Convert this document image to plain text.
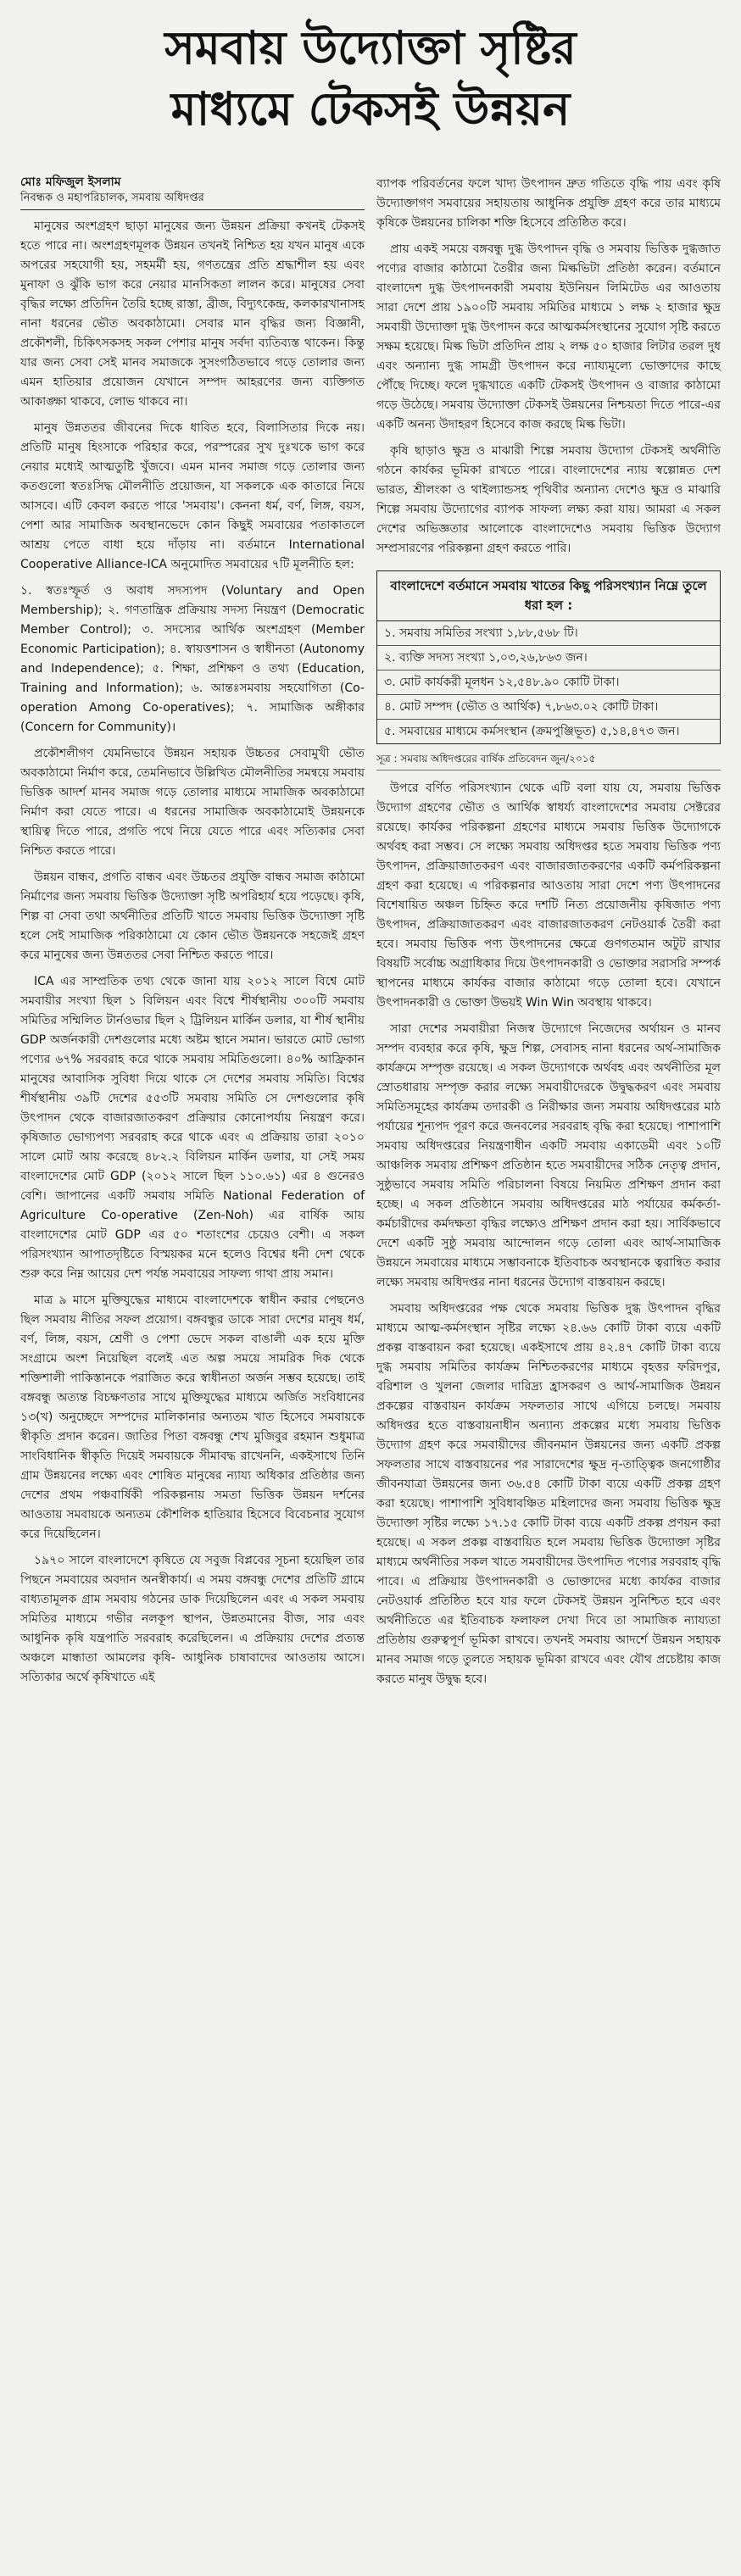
সমবায় উদ্যোক্তা সৃষ্টির
মাধ্যমে টেকসই উন্নয়ন
মোঃ মফিজুল ইসলাম
নিবন্ধক ও মহাপরিচালক, সমবায় অধিদপ্তর

মানুষের অংশগ্রহণ ছাড়া মানুষের জন্য উন্নয়ন প্রক্রিয়া কখনই টেকসই হতে পারে না। অংশগ্রহণমূলক উন্নয়ন তখনই নিশ্চিত হয় যখন মানুষ একে অপরের সহযোগী হয়, সহমর্মী হয়, গণতন্ত্রের প্রতি শ্রদ্ধাশীল হয় এবং মুনাফা ও ঝুঁকি ভাগ করে নেয়ার মানসিকতা লালন করে। মানুষের সেবা বৃদ্ধির লক্ষ্যে প্রতিদিন তৈরি হচ্ছে রাস্তা, ব্রীজ, বিদ্যুৎকেন্দ্র, কলকারখানাসহ নানা ধরনের ভৌত অবকাঠামো। সেবার মান বৃদ্ধির জন্য বিজ্ঞানী, প্রকৌশলী, চিকিৎসকসহ সকল পেশার মানুষ সর্বদা ব্যতিব্যস্ত থাকেন। কিন্তু যার জন্য সেবা সেই মানব সমাজকে সুসংগঠিতভাবে গড়ে তোলার জন্য এমন হাতিয়ার প্রয়োজন যেখানে সম্পদ আহরণের জন্য ব্যক্তিগত আকাঙ্ক্ষা থাকবে, লোভ থাকবে না।

মানুষ উন্নততর জীবনের দিকে ধাবিত হবে, বিলাসিতার দিকে নয়। প্রতিটি মানুষ হিংসাকে পরিহার করে, পরস্পরের সুখ দুঃখকে ভাগ করে নেয়ার মধ্যেই আত্মতুষ্টি খুঁজবে। এমন মানব সমাজ গড়ে তোলার জন্য কতগুলো স্বতঃসিদ্ধ মৌলনীতি প্রয়োজন, যা সকলকে এক কাতারে নিয়ে আসবে। এটি কেবল করতে পারে 'সমবায়'। কেননা ধর্ম, বর্ণ, লিঙ্গ, বয়স, পেশা আর সামাজিক অবস্থানভেদে কোন কিছুই সমবায়ের পতাকাতলে আশ্রয় পেতে বাধা হয়ে দাঁড়ায় না। বর্তমানে International Cooperative Alliance-ICA অনুমোদিত সমবায়ের ৭টি মূলনীতি হল:

১. স্বতঃস্ফূর্ত ও অবাধ সদস্যপদ (Voluntary and Open Membership); ২. গণতান্ত্রিক প্রক্রিয়ায় সদস্য নিয়ন্ত্রণ (Democratic Member Control); ৩. সদস্যের আর্থিক অংশগ্রহণ (Member Economic Participation); ৪. স্বায়ত্তশাসন ও স্বাধীনতা (Autonomy and Independence); ৫. শিক্ষা, প্রশিক্ষণ ও তথ্য (Education, Training and Information); ৬. আন্তঃসমবায় সহযোগিতা (Co-operation Among Co-operatives); ৭. সামাজিক অঙ্গীকার (Concern for Community)।

প্রকৌশলীগণ যেমনিভাবে উন্নয়ন সহায়ক উচ্চতর সেবামুখী ভৌত অবকাঠামো নির্মাণ করে, তেমনিভাবে উল্লিখিত মৌলনীতির সমন্বয়ে সমবায় ভিত্তিক আদর্শ মানব সমাজ গড়ে তোলার মাধ্যমে সামাজিক অবকাঠামো নির্মাণ করা যেতে পারে। এ ধরনের সামাজিক অবকাঠামোই উন্নয়নকে স্থায়িত্ব দিতে পারে, প্রগতি পথে নিয়ে যেতে পারে এবং সত্যিকার সেবা নিশ্চিত করতে পারে।

উন্নয়ন বান্ধব, প্রগতি বান্ধব এবং উচ্চতর প্রযুক্তি বান্ধব সমাজ কাঠামো নির্মাণের জন্য সমবায় ভিত্তিক উদ্যোক্তা সৃষ্টি অপরিহার্য হয়ে পড়েছে। কৃষি, শিল্প বা সেবা তথা অর্থনীতির প্রতিটি খাতে সমবায় ভিত্তিক উদ্যোক্তা সৃষ্টি হলে সেই সামাজিক পরিকাঠামো যে কোন ভৌত উন্নয়নকে সহজেই গ্রহণ করে মানুষের জন্য উন্নততর সেবা নিশ্চিত করতে পারে।

ICA এর সাম্প্রতিক তথ্য থেকে জানা যায় ২০১২ সালে বিশ্বে মোট সমবায়ীর সংখ্যা ছিল ১ বিলিয়ন এবং বিশ্বে শীর্ষস্থানীয় ৩০০টি সমবায় সমিতির সম্মিলিত টার্নওভার ছিল ২ ট্রিলিয়ন মার্কিন ডলার, যা শীর্ষ স্থানীয় GDP অর্জনকারী দেশগুলোর মধ্যে অষ্টম স্থানে সমান। ভারতে মোট ভোগ্য পণ্যের ৬৭% সরবরাহ করে থাকে সমবায় সমিতিগুলো। ৪০% আফ্রিকান মানুষের আবাসিক সুবিধা দিয়ে থাকে সে দেশের সমবায় সমিতি। বিশ্বের শীর্ষস্থানীয় ৩৯টি দেশের ৫৫৩টি সমবায় সমিতি সে দেশগুলোর কৃষি উৎপাদন থেকে বাজারজাতকরণ প্রক্রিয়ার কোনোপর্যায় নিয়ন্ত্রণ করে। কৃষিজাত ভোগ্যপণ্য সরবরাহ করে থাকে এবং এ প্রক্রিয়ায় তারা ২০১০ সালে মোট আয় করেছে ৪৮২.২ বিলিয়ন মার্কিন ডলার, যা সেই সময় বাংলাদেশের মোট GDP (২০১২ সালে ছিল ১১০.৬১) এর ৪ গুনেরও বেশি। জাপানের একটি সমবায় সমিতি National Federation of Agriculture Co-operative (Zen-Noh) এর বার্ষিক আয় বাংলাদেশের মোট GDP এর ৫০ শতাংশের চেয়েও বেশী। এ সকল পরিসংখ্যান আপাতদৃষ্টিতে বিস্ময়কর মনে হলেও বিশ্বের ধনী দেশ থেকে শুরু করে নিম্ন আয়ের দেশ পর্যন্ত সমবায়ের সাফল্য গাথা প্রায় সমান।

মাত্র ৯ মাসে মুক্তিযুদ্ধের মাধ্যমে বাংলাদেশকে স্বাধীন করার পেছনেও ছিল সমবায় নীতির সফল প্রয়োগ। বঙ্গবন্ধুর ডাকে সারা দেশের মানুষ ধর্ম, বর্ণ, লিঙ্গ, বয়স, শ্রেণী ও পেশা ভেদে সকল বাঙালী এক হয়ে মুক্তি সংগ্রামে অংশ নিয়েছিল বলেই এত অল্প সময়ে সামরিক দিক থেকে শক্তিশালী পাকিস্তানকে পরাজিত করে স্বাধীনতা অর্জন সম্ভব হয়েছে। তাই বঙ্গবন্ধু অত্যন্ত বিচক্ষণতার সাথে মুক্তিযুদ্ধের মাধ্যমে অর্জিত সংবিধানের ১৩(খ) অনুচ্ছেদে সম্পদের মালিকানার অন্যতম খাত হিসেবে সমবায়কে স্বীকৃতি প্রদান করেন। জাতির পিতা বঙ্গবন্ধু শেখ মুজিবুর রহমান শুধুমাত্র সাংবিধানিক স্বীকৃতি দিয়েই সমবায়কে সীমাবদ্ধ রাখেননি, একইসাথে তিনি গ্রাম উন্নয়নের লক্ষ্যে এবং শোষিত মানুষের ন্যায্য অধিকার প্রতিষ্ঠার জন্য দেশের প্রথম পঞ্চবার্ষিকী পরিকল্পনায় সমতা ভিত্তিক উন্নয়ন দর্শনের আওতায় সমবায়কে অন্যতম কৌশলিক হাতিয়ার হিসেবে বিবেচনার সুযোগ করে দিয়েছিলেন।

১৯৭০ সালে বাংলাদেশে কৃষিতে যে সবুজ বিপ্লবের সূচনা হয়েছিল তার পিছনে সমবায়ের অবদান অনস্বীকার্য। এ সময় বঙ্গবন্ধু দেশের প্রতিটি গ্রামে বাধ্যতামূলক গ্রাম সমবায় গঠনের ডাক দিয়েছিলেন এবং এ সকল সমবায় সমিতির মাধ্যমে গভীর নলকূপ স্থাপন, উন্নতমানের বীজ, সার এবং আধুনিক কৃষি যন্ত্রপাতি সরবরাহ করেছিলেন। এ প্রক্রিয়ায় দেশের প্রত্যন্ত অঞ্চলে মান্ধাতা আমলের কৃষি- আধুনিক চাষাবাদের আওতায় আসে। সত্যিকার অর্থে কৃষিখাতে এই

ব্যাপক পরিবর্তনের ফলে খাদ্য উৎপাদন দ্রুত গতিতে বৃদ্ধি পায় এবং কৃষি উদ্যোক্তাগণ সমবায়ের সহায়তায় আধুনিক প্রযুক্তি গ্রহণ করে তার মাধ্যমে কৃষিকে উন্নয়নের চালিকা শক্তি হিসেবে প্রতিষ্ঠিত করে।

প্রায় একই সময়ে বঙ্গবন্ধু দুগ্ধ উৎপাদন বৃদ্ধি ও সমবায় ভিত্তিক দুগ্ধজাত পণ্যের বাজার কাঠামো তৈরীর জন্য মিল্কভিটা প্রতিষ্ঠা করেন। বর্তমানে বাংলাদেশ দুগ্ধ উৎপাদনকারী সমবায় ইউনিয়ন লিমিটেড এর আওতায় সারা দেশে প্রায় ১৯০০টি সমবায় সমিতির মাধ্যমে ১ লক্ষ ২ হাজার ক্ষুদ্র সমবায়ী উদ্যোক্তা দুগ্ধ উৎপাদন করে আত্মকর্মসংস্থানের সুযোগ সৃষ্টি করতে সক্ষম হয়েছে। মিল্ক ভিটা প্রতিদিন প্রায় ২ লক্ষ ৫০ হাজার লিটার তরল দুধ এবং অন্যান্য দুগ্ধ সামগ্রী উৎপাদন করে ন্যায্যমূল্যে ভোক্তাদের কাছে পৌঁছে দিচ্ছে। ফলে দুগ্ধখাতে একটি টেকসই উৎপাদন ও বাজার কাঠামো গড়ে উঠেছে। সমবায় উদ্যোক্তা টেকসই উন্নয়নের নিশ্চয়তা দিতে পারে-এর একটি অনন্য উদাহরণ হিসেবে কাজ করছে মিল্ক ভিটা।

কৃষি ছাড়াও ক্ষুদ্র ও মাঝারী শিল্পে সমবায় উদ্যোগ টেকসই অর্থনীতি গঠনে কার্যকর ভূমিকা রাখতে পারে। বাংলাদেশের ন্যায় স্বল্পোন্নত দেশ ভারত, শ্রীলংকা ও থাইল্যান্ডসহ পৃথিবীর অন্যান্য দেশেও ক্ষুদ্র ও মাঝারি শিল্পে সমবায় উদ্যোগের ব্যাপক সাফল্য লক্ষ্য করা যায়। আমরা এ সকল দেশের অভিজ্ঞতার আলোকে বাংলাদেশেও সমবায় ভিত্তিক উদ্যোগ সম্প্রসারণের পরিকল্পনা গ্রহণ করতে পারি।

বাংলাদেশে বর্তমানে সমবায় খাতের কিছু পরিসংখ্যান নিম্নে তুলে ধরা হল :
১. সমবায় সমিতির সংখ্যা ১,৮৮,৫৬৮ টি।
২. ব্যক্তি সদস্য সংখ্যা ১,০৩,২৬,৮৬৩ জন।
৩. মোট কার্যকরী মূলধন ১২,৫৪৮.৯০ কোটি টাকা।
৪. মোট সম্পদ (ভৌত ও আর্থিক) ৭,৮৬৩.০২ কোটি টাকা।
৫. সমবায়ের মাধ্যমে কর্মসংস্থান (ক্রমপুঞ্জিভূত) ৫,১৪,৪৭৩ জন।
সূত্র : সমবায় অধিদপ্তরের বার্ষিক প্রতিবেদন জুন/২০১৫

উপরে বর্ণিত পরিসংখ্যান থেকে এটি বলা যায় যে, সমবায় ভিত্তিক উদ্যোগ গ্রহণের ভৌত ও আর্থিক স্বাধর্য্য বাংলাদেশের সমবায় সেক্টরের রয়েছে। কার্যকর পরিকল্পনা গ্রহণের মাধ্যমে সমবায় ভিত্তিক উদ্যোগকে অর্থবহ করা সম্ভব। সে লক্ষ্যে সমবায় অধিদপ্তর হতে সমবায় ভিত্তিক পণ্য উৎপাদন, প্রক্রিয়াজাতকরণ এবং বাজারজাতকরণের একটি কর্মপরিকল্পনা গ্রহণ করা হয়েছে। এ পরিকল্পনার আওতায় সারা দেশে পণ্য উৎপাদনের বিশেষায়িত অঞ্চল চিহ্নিত করে দশটি নিত্য প্রয়োজনীয় কৃষিজাত পণ্য উৎপাদন, প্রক্রিয়াজাতকরণ এবং বাজারজাতকরণ নেটওয়ার্ক তৈরী করা হবে। সমবায় ভিত্তিক পণ্য উৎপাদনের ক্ষেত্রে গুণগতমান অটুট রাখার বিষয়টি সর্বোচ্চ অগ্রাধিকার দিয়ে উৎপাদনকারী ও ভোক্তার সরাসরি সম্পর্ক স্থাপনের মাধ্যমে কার্যকর বাজার কাঠামো গড়ে তোলা হবে। যেখানে উৎপাদনকারী ও ভোক্তা উভয়ই Win Win অবস্থায় থাকবে।

সারা দেশের সমবায়ীরা নিজস্ব উদ্যোগে নিজেদের অর্থায়ন ও মানব সম্পদ ব্যবহার করে কৃষি, ক্ষুদ্র শিল্প, সেবাসহ নানা ধরনের অর্থ-সামাজিক কার্যক্রমে সম্পৃক্ত রয়েছে। এ সকল উদ্যোগকে অর্থবহ এবং অর্থনীতির মূল স্রোতধারায় সম্পৃক্ত করার লক্ষ্যে সমবায়ীদেরকে উদ্বুদ্ধকরণ এবং সমবায় সমিতিসমূহের কার্যক্রম তদারকী ও নিরীক্ষার জন্য সমবায় অধিদপ্তরের মাঠ পর্যায়ের শূন্যপদ পূরণ করে জনবলের সরবরাহ বৃদ্ধি করা হয়েছে। পাশাপাশি সমবায় অধিদপ্তরের নিয়ন্ত্রণাধীন একটি সমবায় একাডেমী এবং ১০টি আঞ্চলিক সমবায় প্রশিক্ষণ প্রতিষ্ঠান হতে সমবায়ীদের সঠিক নেতৃত্ব প্রদান, সুষ্ঠুভাবে সমবায় সমিতি পরিচালনা বিষয়ে নিয়মিত প্রশিক্ষণ প্রদান করা হচ্ছে। এ সকল প্রতিষ্ঠানে সমবায় অধিদপ্তরের মাঠ পর্যায়ের কর্মকর্তা-কর্মচারীদের কর্মদক্ষতা বৃদ্ধির লক্ষ্যেও প্রশিক্ষণ প্রদান করা হয়। সার্বিকভাবে দেশে একটি সুষ্ঠু সমবায় আন্দোলন গড়ে তোলা এবং আর্থ-সামাজিক উন্নয়নে সমবায়ের মাধ্যমে সম্ভাবনাকে ইতিবাচক অবস্থানকে ত্বরান্বিত করার লক্ষ্যে সমবায় অধিদপ্তর নানা ধরনের উদ্যোগ বাস্তবায়ন করছে।

সমবায় অধিদপ্তরের পক্ষ থেকে সমবায় ভিত্তিক দুগ্ধ উৎপাদন বৃদ্ধির মাধ্যমে আত্ম-কর্মসংস্থান সৃষ্টির লক্ষ্যে ২৪.৬৬ কোটি টাকা ব্যয়ে একটি প্রকল্প বাস্তবায়ন করা হয়েছে। একইসাথে প্রায় ৪২.৪৭ কোটি টাকা ব্যয়ে দুগ্ধ সমবায় সমিতির কার্যক্রম নিশ্চিতকরণের মাধ্যমে বৃহত্তর ফরিদপুর, বরিশাল ও খুলনা জেলার দারিদ্র্য হ্রাসকরণ ও আর্থ-সামাজিক উন্নয়ন প্রকল্পের বাস্তবায়ন কার্যক্রম সফলতার সাথে এগিয়ে চলছে। সমবায় অধিদপ্তর হতে বাস্তবায়নাধীন অন্যান্য প্রকল্পের মধ্যে সমবায় ভিত্তিক উদ্যোগ গ্রহণ করে সমবায়ীদের জীবনমান উন্নয়নের জন্য একটি প্রকল্প সফলতার সাথে বাস্তবায়নের পর সারাদেশের ক্ষুদ্র নৃ-তাত্ত্বিক জনগোষ্ঠীর জীবনযাত্রা উন্নয়নের জন্য ৩৬.৫৪ কোটি টাকা ব্যয়ে একটি প্রকল্প গ্রহণ করা হয়েছে। পাশাপাশি সুবিধাবঞ্চিত মহিলাদের জন্য সমবায় ভিত্তিক ক্ষুদ্র উদ্যোক্তা সৃষ্টির লক্ষ্যে ১৭.১৫ কোটি টাকা ব্যয়ে একটি প্রকল্প প্রণয়ন করা হয়েছে। এ সকল প্রকল্প বাস্তবায়িত হলে সমবায় ভিত্তিক উদ্যোক্তা সৃষ্টির মাধ্যমে অর্থনীতির সকল খাতে সমবায়ীদের উৎপাদিত পণ্যের সরবরাহ বৃদ্ধি পাবে। এ প্রক্রিয়ায় উৎপাদনকারী ও ভোক্তাদের মধ্যে কার্যকর বাজার নেটওয়ার্ক প্রতিষ্ঠিত হবে যার ফলে টেকসই উন্নয়ন সুনিশ্চিত হবে এবং অর্থনীতিতে এর ইতিবাচক ফলাফল দেখা দিবে তা সামাজিক ন্যায্যতা প্রতিষ্ঠায় গুরুত্বপূর্ণ ভূমিকা রাখবে। তখনই সমবায় আদর্শে উন্নয়ন সহায়ক মানব সমাজ গড়ে তুলতে সহায়ক ভূমিকা রাখবে এবং যৌথ প্রচেষ্টায় কাজ করতে মানুষ উদ্বুদ্ধ হবে।
